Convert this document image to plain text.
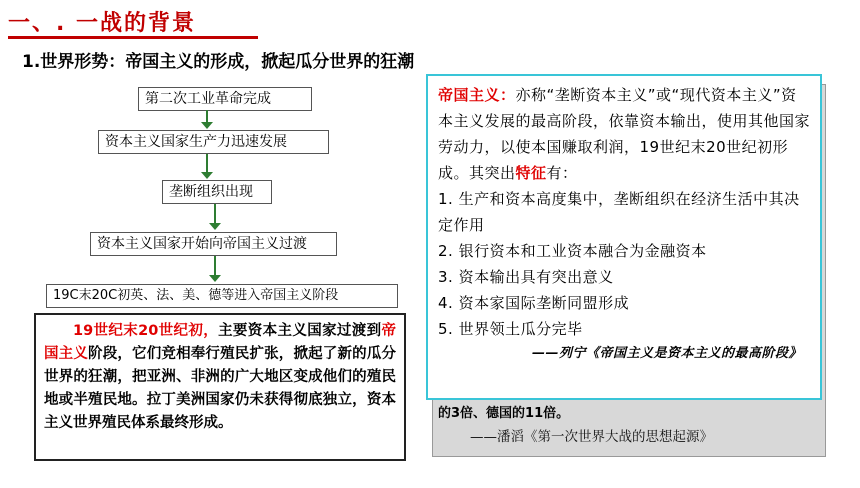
一、. 一战的背景
1.世界形势：帝国主义的形成，掀起瓜分世界的狂潮
第二次工业革命完成
资本主义国家生产力迅速发展
垄断组织出现
资本主义国家开始向帝国主义过渡
19C末20C初英、法、美、德等进入帝国主义阶段
19世纪末20世纪初，主要资本主义国家过渡到帝国主义阶段，它们竞相奉行殖民扩张，掀起了新的瓜分世界的狂潮，把亚洲、非洲的广大地区变成他们的殖民地或半殖民地。拉丁美洲国家仍未获得彻底独立，资本主义世界殖民体系最终形成。
的3倍、德国的11倍。
——潘滔《第一次世界大战的思想起源》
帝国主义：亦称“垄断资本主义”或“现代资本主义”资本主义发展的最高阶段，依靠资本输出，使用其他国家劳动力，以使本国赚取利润，19世纪末20世纪初形成。其突出特征有：
1. 生产和资本高度集中，垄断组织在经济生活中其决定作用
2. 银行资本和工业资本融合为金融资本
3. 资本输出具有突出意义
4. 资本家国际垄断同盟形成
5. 世界领土瓜分完毕
——列宁《帝国主义是资本主义的最高阶段》
